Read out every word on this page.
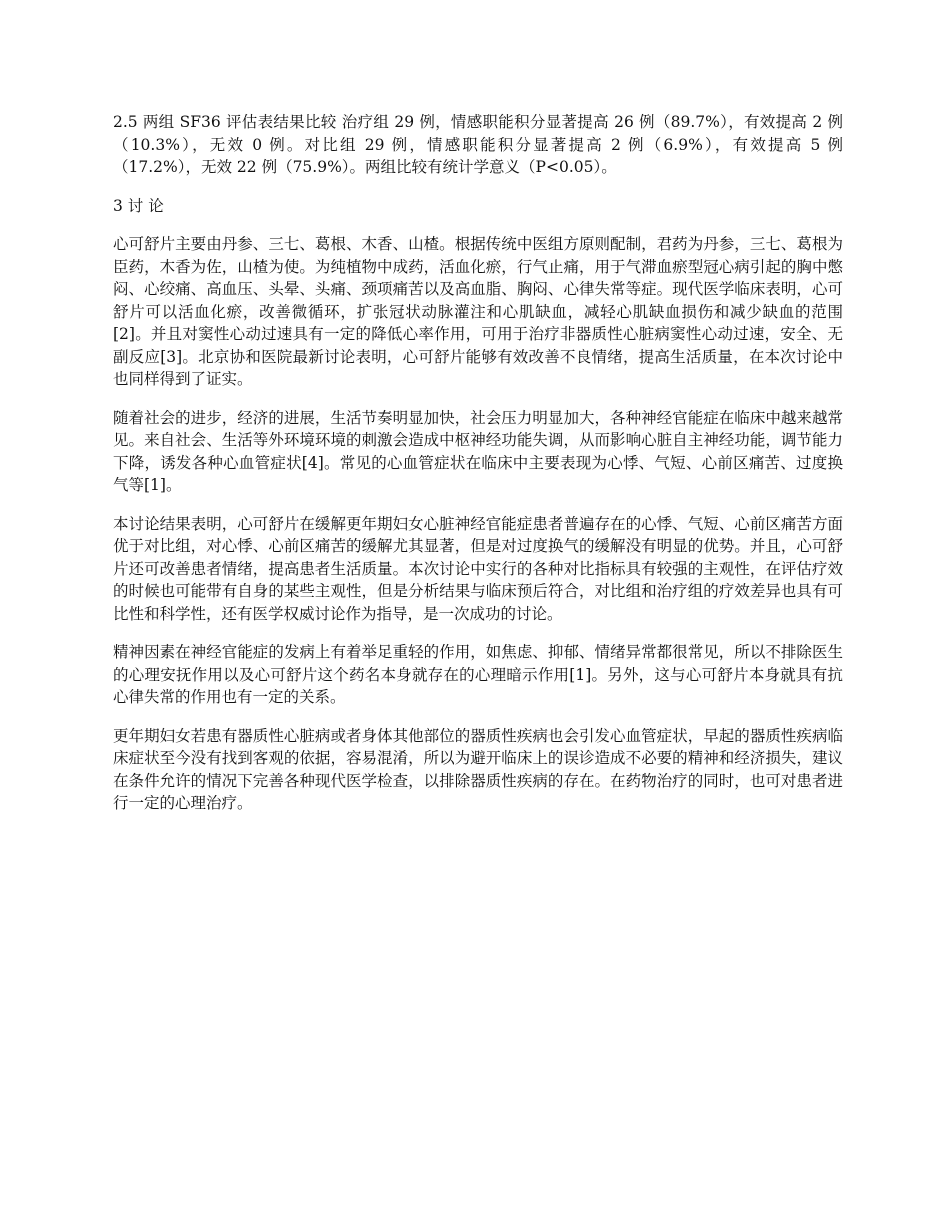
2.5 两组 SF36 评估表结果比较 治疗组 29 例，情感职能积分显著提高 26 例（89.7%），有效提高 2 例（10.3%），无效 0 例。对比组 29 例，情感职能积分显著提高 2 例（6.9%），有效提高 5 例（17.2%），无效 22 例（75.9%）。两组比较有统计学意义（P<0.05）。

3 讨 论

心可舒片主要由丹参、三七、葛根、木香、山楂。根据传统中医组方原则配制，君药为丹参，三七、葛根为臣药，木香为佐，山楂为使。为纯植物中成药，活血化瘀，行气止痛，用于气滞血瘀型冠心病引起的胸中憋闷、心绞痛、高血压、头晕、头痛、颈项痛苦以及高血脂、胸闷、心律失常等症。现代医学临床表明，心可舒片可以活血化瘀，改善微循环，扩张冠状动脉灌注和心肌缺血，减轻心肌缺血损伤和减少缺血的范围[2]。并且对窦性心动过速具有一定的降低心率作用，可用于治疗非器质性心脏病窦性心动过速，安全、无副反应[3]。北京协和医院最新讨论表明，心可舒片能够有效改善不良情绪，提高生活质量，在本次讨论中也同样得到了证实。

随着社会的进步，经济的进展，生活节奏明显加快，社会压力明显加大，各种神经官能症在临床中越来越常见。来自社会、生活等外环境环境的刺激会造成中枢神经功能失调，从而影响心脏自主神经功能，调节能力下降，诱发各种心血管症状[4]。常见的心血管症状在临床中主要表现为心悸、气短、心前区痛苦、过度换气等[1]。

本讨论结果表明，心可舒片在缓解更年期妇女心脏神经官能症患者普遍存在的心悸、气短、心前区痛苦方面优于对比组，对心悸、心前区痛苦的缓解尤其显著，但是对过度换气的缓解没有明显的优势。并且，心可舒片还可改善患者情绪，提高患者生活质量。本次讨论中实行的各种对比指标具有较强的主观性，在评估疗效的时候也可能带有自身的某些主观性，但是分析结果与临床预后符合，对比组和治疗组的疗效差异也具有可比性和科学性，还有医学权威讨论作为指导，是一次成功的讨论。

精神因素在神经官能症的发病上有着举足重轻的作用，如焦虑、抑郁、情绪异常都很常见，所以不排除医生的心理安抚作用以及心可舒片这个药名本身就存在的心理暗示作用[1]。另外，这与心可舒片本身就具有抗心律失常的作用也有一定的关系。

更年期妇女若患有器质性心脏病或者身体其他部位的器质性疾病也会引发心血管症状，早起的器质性疾病临床症状至今没有找到客观的依据，容易混淆，所以为避开临床上的误诊造成不必要的精神和经济损失，建议在条件允许的情况下完善各种现代医学检查，以排除器质性疾病的存在。在药物治疗的同时，也可对患者进行一定的心理治疗。
